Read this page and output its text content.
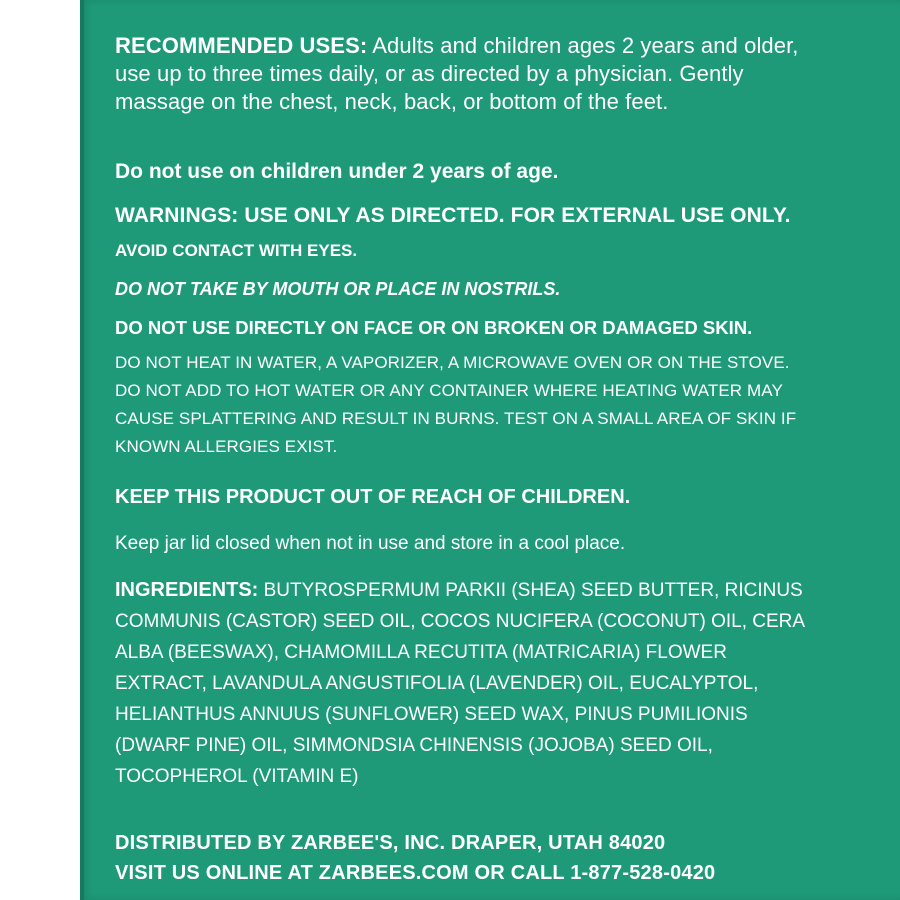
RECOMMENDED USES: Adults and children ages 2 years and older, use up to three times daily, or as directed by a physician. Gently massage on the chest, neck, back, or bottom of the feet.

Do not use on children under 2 years of age.

WARNINGS: USE ONLY AS DIRECTED. FOR EXTERNAL USE ONLY.

AVOID CONTACT WITH EYES.

DO NOT TAKE BY MOUTH OR PLACE IN NOSTRILS.

DO NOT USE DIRECTLY ON FACE OR ON BROKEN OR DAMAGED SKIN.

DO NOT HEAT IN WATER, A VAPORIZER, A MICROWAVE OVEN OR ON THE STOVE. DO NOT ADD TO HOT WATER OR ANY CONTAINER WHERE HEATING WATER MAY CAUSE SPLATTERING AND RESULT IN BURNS. TEST ON A SMALL AREA OF SKIN IF KNOWN ALLERGIES EXIST.

KEEP THIS PRODUCT OUT OF REACH OF CHILDREN.

Keep jar lid closed when not in use and store in a cool place.

INGREDIENTS: BUTYROSPERMUM PARKII (SHEA) SEED BUTTER, RICINUS COMMUNIS (CASTOR) SEED OIL, COCOS NUCIFERA (COCONUT) OIL, CERA ALBA (BEESWAX), CHAMOMILLA RECUTITA (MATRICARIA) FLOWER EXTRACT, LAVANDULA ANGUSTIFOLIA (LAVENDER) OIL, EUCALYPTOL, HELIANTHUS ANNUUS (SUNFLOWER) SEED WAX, PINUS PUMILIONIS (DWARF PINE) OIL, SIMMONDSIA CHINENSIS (JOJOBA) SEED OIL, TOCOPHEROL (VITAMIN E)

DISTRIBUTED BY ZARBEE'S, INC. DRAPER, UTAH 84020

VISIT US ONLINE AT ZARBEES.COM OR CALL 1-877-528-0420
